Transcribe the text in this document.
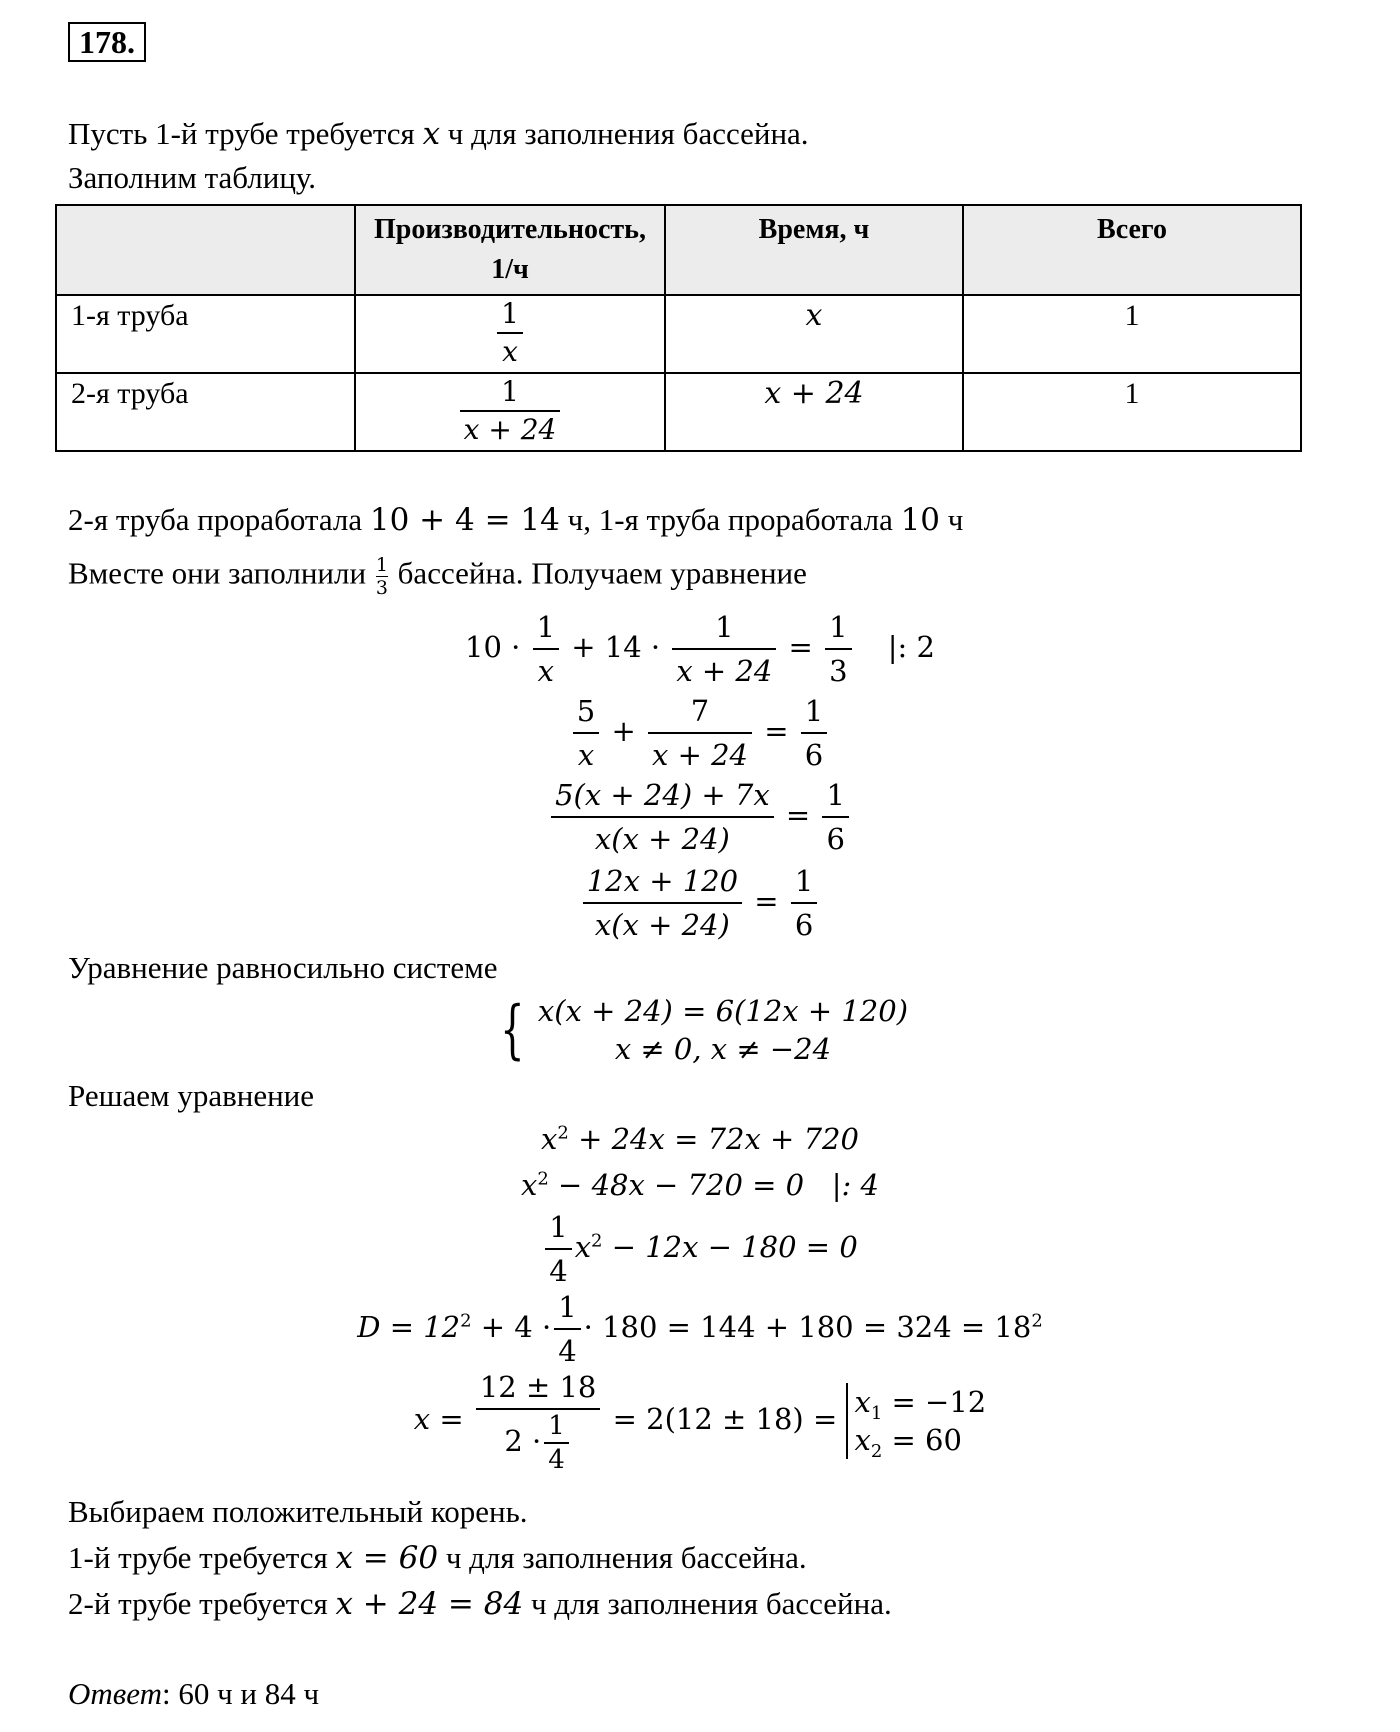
178.
Пусть 1-й трубе требуется x ч для заполнения бассейна.
Заполним таблицу.

	Производительность,
1/ч	Время, ч	Всего
1-я труба	$\frac{1}{x}$	x	1
2-я труба	$\frac{1}{x + 24}$	x + 24	1
2-я труба проработала 10 + 4 = 14 ч, 1-я труба проработала 10 ч
Вместе они заполнили $\frac{1}{3}$ бассейна. Получаем уравнение
$10 \cdot \frac{1}{x} + 14 \cdot \frac{1}{x + 24} = \frac{1}{3}$ |: 2
$\frac{5}{x} + \frac{7}{x + 24} = \frac{1}{6}$
$\frac{5(x + 24) + 7x}{x(x + 24)} = \frac{1}{6}$
$\frac{12x + 120}{x(x + 24)} = \frac{1}{6}$
Уравнение равносильно системе
{ x(x + 24) = 6(12x + 120)
x ≠ 0, x ≠ −24
Решаем уравнение
$x^2 + 24x = 72x + 720$
$x^2 - 48x - 720 = 0$   |: 4
$\frac{1}{4} x^2 - 12x - 180 = 0$
$D = 12^2 + 4 \cdot \frac{1}{4} \cdot 180 = 144 + 180 = 324 = 18^2$
$x = \frac{12 \pm 18}{2 \cdot \frac{1}{4}} = 2(12 \pm 18) = x_1 = -12$
$x_2 = 60$
Выбираем положительный корень.
1-й трубе требуется x = 60 ч для заполнения бассейна.
2-й трубе требуется x + 24 = 84 ч для заполнения бассейна.
Ответ: 60 ч и 84 ч
